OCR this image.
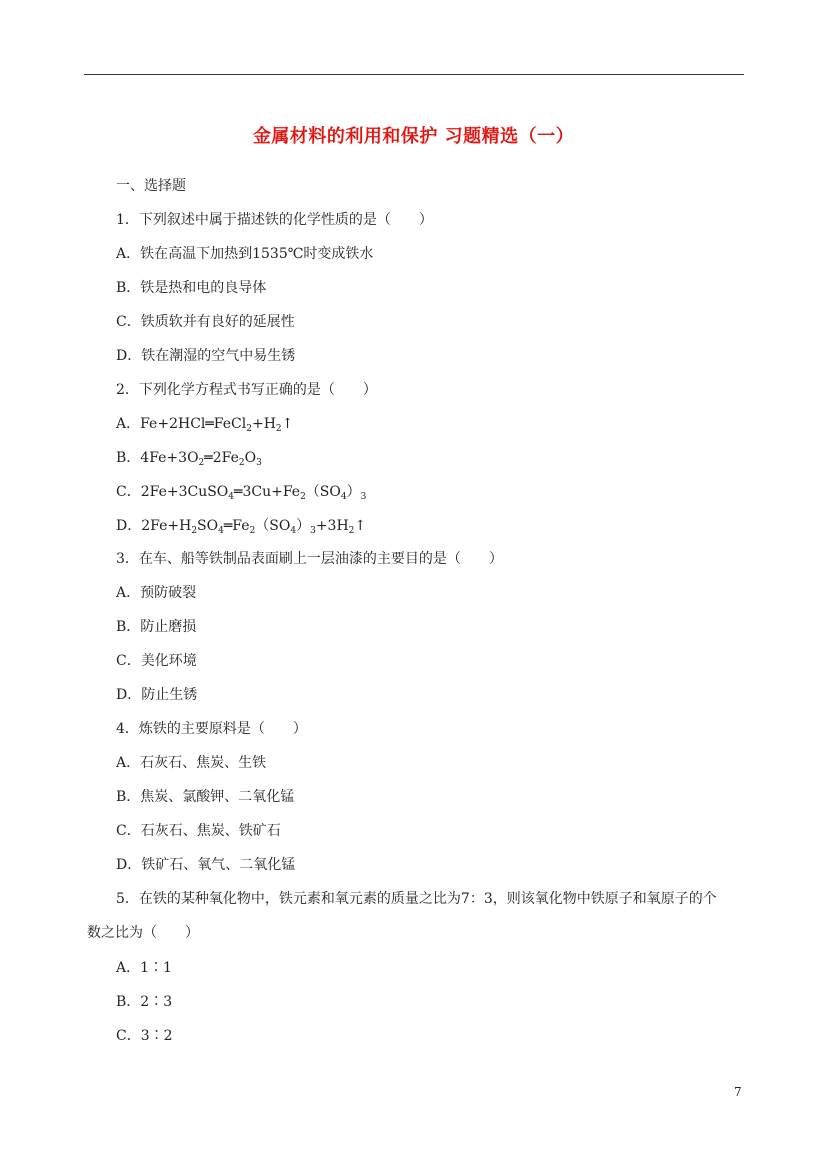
金属材料的利用和保护 习题精选（一）
一、选择题
1．下列叙述中属于描述铁的化学性质的是（　　）
A．铁在高温下加热到1535℃时变成铁水
B．铁是热和电的良导体
C．铁质软并有良好的延展性
D．铁在潮湿的空气中易生锈
2．下列化学方程式书写正确的是（　　）
A．$Fe+2HCl═FeCl_2+H_2↑$
B．$4Fe+3O_2═2Fe_2O_3$
C．$2Fe+3CuSO_4═3Cu+Fe_2(SO_4)_3$
D．$2Fe+H_2SO_4═Fe_2(SO_4)_3+3H_2↑$
3．在车、船等铁制品表面刷上一层油漆的主要目的是（　　）
A．预防破裂
B．防止磨损
C．美化环境
D．防止生锈
4．炼铁的主要原料是（　　）
A．石灰石、焦炭、生铁
B．焦炭、氯酸钾、二氧化锰
C．石灰石、焦炭、铁矿石
D．铁矿石、氧气、二氧化锰
5．在铁的某种氧化物中，铁元素和氧元素的质量之比为7：3，则该氧化物中铁原子和氧原子的个
数之比为（　　）
A．1∶1
B．2∶3
C．3∶2
7
